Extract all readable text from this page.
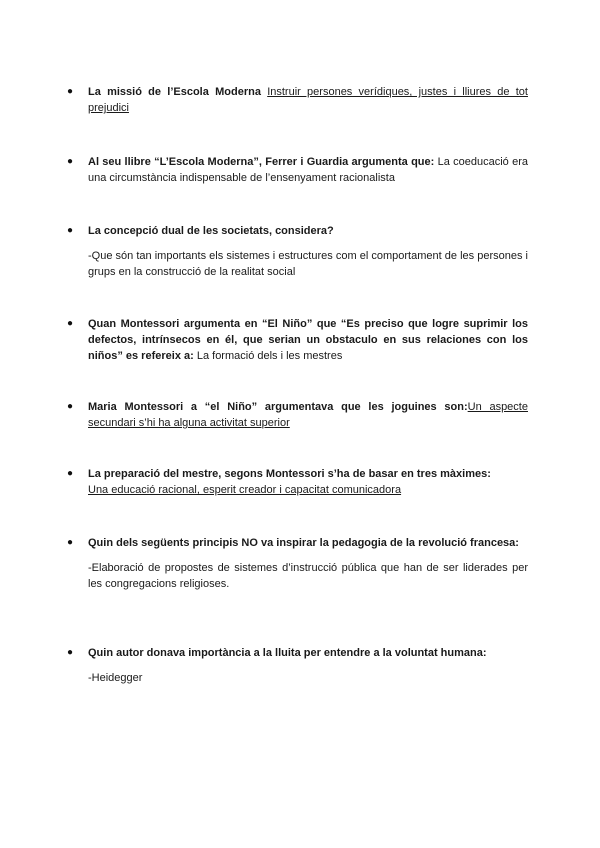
● La missió de l’Escola Moderna Instruir persones verídiques, justes i lliures de tot prejudici
● Al seu llibre “L’Escola Moderna”, Ferrer i Guardia argumenta que: La coeducació era una circumstància indispensable de l’ensenyament racionalista
● La concepció dual de les societats, considera?
-Que són tan importants els sistemes i estructures com el comportament de les persones i grups en la construcció de la realitat social
● Quan Montessori argumenta en “El Niño” que “Es preciso que logre suprimir los defectos, intrínsecos en él, que serian un obstaculo en sus relaciones con los niños” es refereix a: La formació dels i les mestres
● Maria Montessori a “el Niño” argumentava que les joguines son:Un aspecte secundari s’hi ha alguna activitat superior
● La preparació del mestre, segons Montessori s’ha de basar en tres màximes:
Una educació racional, esperit creador i capacitat comunicadora
● Quin dels següents principis NO va inspirar la pedagogia de la revolució francesa:
-Elaboració de propostes de sistemes d’instrucció pública que han de ser liderades per les congregacions religioses.
● Quin autor donava importància a la lluita per entendre a la voluntat humana:
-Heidegger
